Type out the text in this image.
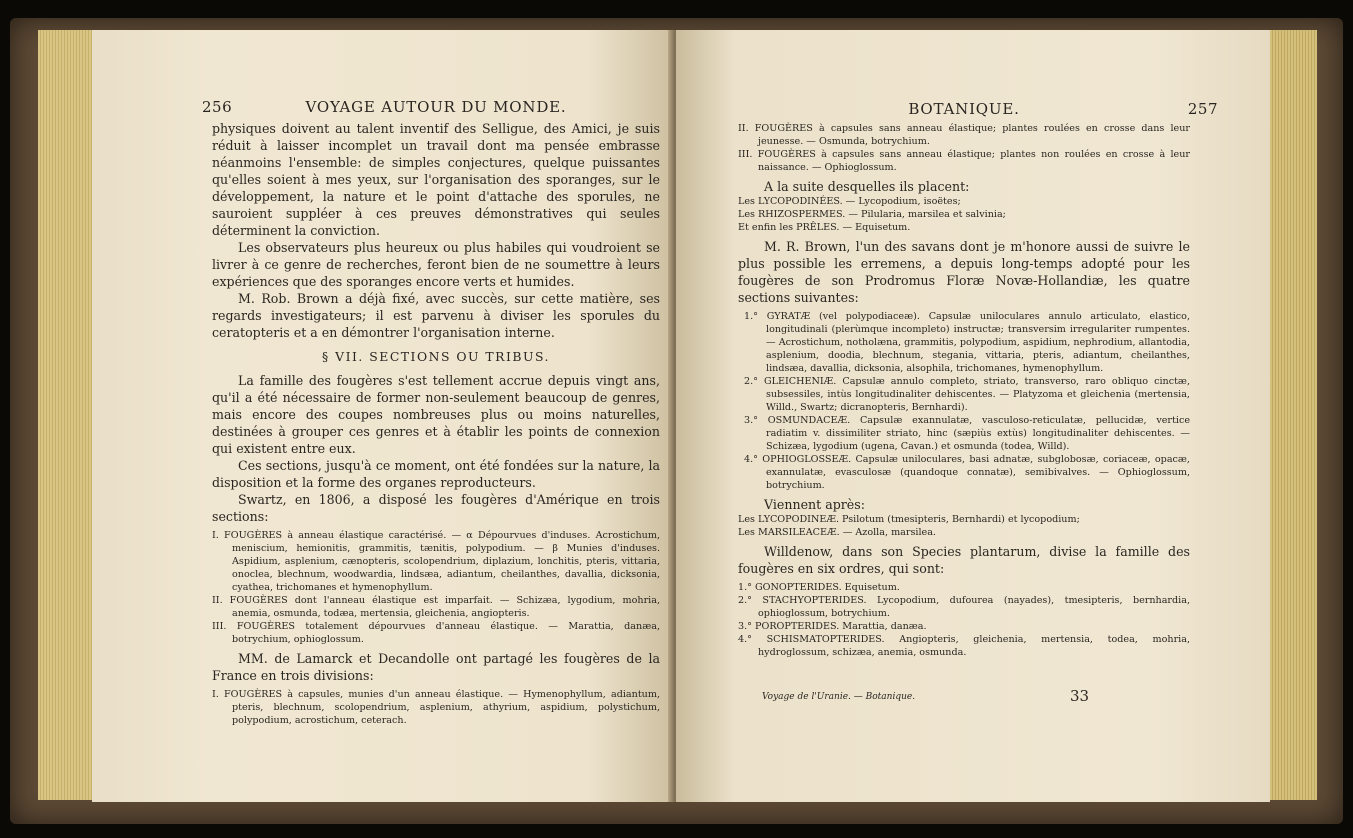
256	VOYAGE AUTOUR DU MONDE.

physiques doivent au talent inventif des Selligue, des Amici, je suis réduit à laisser incomplet un travail dont ma pensée embrasse néanmoins l'ensemble: de simples conjectures, quelque puissantes qu'elles soient à mes yeux, sur l'organisation des sporanges, sur le développement, la nature et le point d'attache des sporules, ne sauroient suppléer à ces preuves démonstratives qui seules déterminent la conviction.

Les observateurs plus heureux ou plus habiles qui voudroient se livrer à ce genre de recherches, feront bien de ne soumettre à leurs expériences que des sporanges encore verts et humides.

M. Rob. Brown a déjà fixé, avec succès, sur cette matière, ses regards investigateurs; il est parvenu à diviser les sporules du ceratopteris et a en démontrer l'organisation interne.

§ VII. SECTIONS OU TRIBUS.

La famille des fougères s'est tellement accrue depuis vingt ans, qu'il a été nécessaire de former non-seulement beaucoup de genres, mais encore des coupes nombreuses plus ou moins naturelles, destinées à grouper ces genres et à établir les points de connexion qui existent entre eux.

Ces sections, jusqu'à ce moment, ont été fondées sur la nature, la disposition et la forme des organes reproducteurs.

Swartz, en 1806, a disposé les fougères d'Amérique en trois sections:

I. FOUGÈRES à anneau élastique caractérisé. — α Dépourvues d'induses. Acrostichum, meniscium, hemionitis, grammitis, tænitis, polypodium. — β Munies d'induses. Aspidium, asplenium, cænopteris, scolopendrium, diplazium, lonchitis, pteris, vittaria, onoclea, blechnum, woodwardia, lindsæa, adiantum, cheilanthes, davallia, dicksonia, cyathea, trichomanes et hymenophyllum.

II. FOUGÈRES dont l'anneau élastique est imparfait. — Schizæa, lygodium, mohria, anemia, osmunda, todæa, mertensia, gleichenia, angiopteris.

III. FOUGÈRES totalement dépourvues d'anneau élastique. — Marattia, danæa, botrychium, ophioglossum.

MM. de Lamarck et Decandolle ont partagé les fougères de la France en trois divisions:

I. FOUGÈRES à capsules, munies d'un anneau élastique. — Hymenophyllum, adiantum, pteris, blechnum, scolopendrium, asplenium, athyrium, aspidium, polystichum, polypodium, acrostichum, ceterach.

BOTANIQUE.	257

II. FOUGÈRES à capsules sans anneau élastique; plantes roulées en crosse dans leur jeunesse. — Osmunda, botrychium.

III. FOUGÈRES à capsules sans anneau élastique; plantes non roulées en crosse à leur naissance. — Ophioglossum.

A la suite desquelles ils placent:

Les LYCOPODINÉES. — Lycopodium, isoëtes;

Les RHIZOSPERMES. — Pilularia, marsilea et salvinia;

Et enfin les PRÊLES. — Equisetum.

M. R. Brown, l'un des savans dont je m'honore aussi de suivre le plus possible les erremens, a depuis long-temps adopté pour les fougères de son Prodromus Floræ Novæ-Hollandiæ, les quatre sections suivantes:

1.° GYRATÆ (vel polypodiaceæ). Capsulæ uniloculares annulo articulato, elastico, longitudinali (plerùmque incompleto) instructæ; transversim irregulariter rumpentes. — Acrostichum, notholæna, grammitis, polypodium, aspidium, nephrodium, allantodia, asplenium, doodia, blechnum, stegania, vittaria, pteris, adiantum, cheilanthes, lindsæa, davallia, dicksonia, alsophila, trichomanes, hymenophyllum.

2.° GLEICHENIÆ. Capsulæ annulo completo, striato, transverso, raro obliquo cinctæ, subsessiles, intùs longitudinaliter dehiscentes. — Platyzoma et gleichenia (mertensia, Willd., Swartz; dicranopteris, Bernhardi).

3.° OSMUNDACEÆ. Capsulæ exannulatæ, vasculoso-reticulatæ, pellucidæ, vertice radiatim v. dissimiliter striato, hinc (sæpiùs extùs) longitudinaliter dehiscentes. — Schizæa, lygodium (ugena, Cavan.) et osmunda (todea, Willd).

4.° OPHIOGLOSSEÆ. Capsulæ uniloculares, basi adnatæ, subglobosæ, coriaceæ, opacæ, exannulatæ, evasculosæ (quandoque connatæ), semibivalves. — Ophioglossum, botrychium.

Viennent après:

Les LYCOPODINEÆ. Psilotum (tmesipteris, Bernhardi) et lycopodium;

Les MARSILEACEÆ. — Azolla, marsilea.

Willdenow, dans son Species plantarum, divise la famille des fougères en six ordres, qui sont:

1.° GONOPTERIDES. Equisetum.

2.° STACHYOPTERIDES. Lycopodium, dufourea (nayades), tmesipteris, bernhardia, ophioglossum, botrychium.

3.° POROPTERIDES. Marattia, danæa.

4.° SCHISMATOPTERIDES. Angiopteris, gleichenia, mertensia, todea, mohria, hydroglossum, schizæa, anemia, osmunda.

Voyage de l'Uranie. — Botanique.	33
